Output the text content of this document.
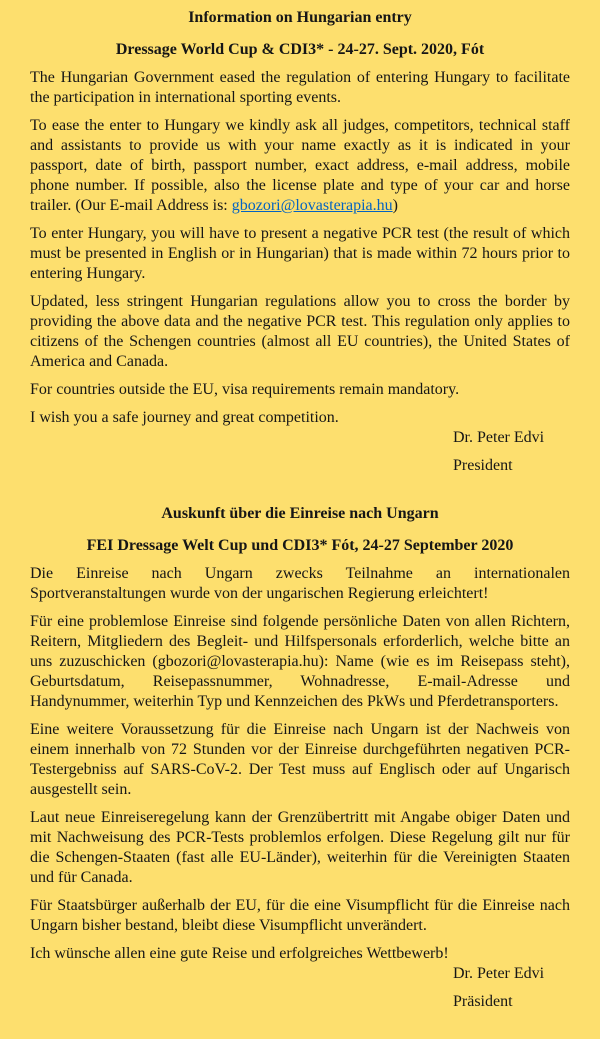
Information on Hungarian entry
Dressage World Cup & CDI3* - 24-27. Sept. 2020, Fót

The Hungarian Government eased the regulation of entering Hungary to facilitate the participation in international sporting events.

To ease the enter to Hungary we kindly ask all judges, competitors, technical staff and assistants to provide us with your name exactly as it is indicated in your passport, date of birth, passport number, exact address, e-mail address, mobile phone number. If possible, also the license plate and type of your car and horse trailer. (Our E-mail Address is: gbozori@lovasterapia.hu)

To enter Hungary, you will have to present a negative PCR test (the result of which must be presented in English or in Hungarian) that is made within 72 hours prior to entering Hungary.

Updated, less stringent Hungarian regulations allow you to cross the border by providing the above data and the negative PCR test. This regulation only applies to citizens of the Schengen countries (almost all EU countries), the United States of America and Canada.

For countries outside the EU, visa requirements remain mandatory.

I wish you a safe journey and great competition.

Dr. Peter Edvi
President
Auskunft über die Einreise nach Ungarn
FEI Dressage Welt Cup und CDI3* Fót, 24-27 September 2020

Die Einreise nach Ungarn zwecks Teilnahme an internationalen Sportveranstaltungen wurde von der ungarischen Regierung erleichtert!

Für eine problemlose Einreise sind folgende persönliche Daten von allen Richtern, Reitern, Mitgliedern des Begleit- und Hilfspersonals erforderlich, welche bitte an uns zuzuschicken (gbozori@lovasterapia.hu): Name (wie es im Reisepass steht), Geburtsdatum, Reisepassnummer, Wohnadresse, E-mail-Adresse und Handynummer, weiterhin Typ und Kennzeichen des PkWs und Pferdetransporters.

Eine weitere Voraussetzung für die Einreise nach Ungarn ist der Nachweis von einem innerhalb von 72 Stunden vor der Einreise durchgeführten negativen PCR-Testergebniss auf SARS-CoV-2. Der Test muss auf Englisch oder auf Ungarisch ausgestellt sein.

Laut neue Einreiseregelung kann der Grenzübertritt mit Angabe obiger Daten und mit Nachweisung des PCR-Tests problemlos erfolgen. Diese Regelung gilt nur für die Schengen-Staaten (fast alle EU-Länder), weiterhin für die Vereinigten Staaten und für Canada.

Für Staatsbürger außerhalb der EU, für die eine Visumpflicht für die Einreise nach Ungarn bisher bestand, bleibt diese Visumpflicht unverändert.

Ich wünsche allen eine gute Reise und erfolgreiches Wettbewerb!

Dr. Peter Edvi
Präsident
